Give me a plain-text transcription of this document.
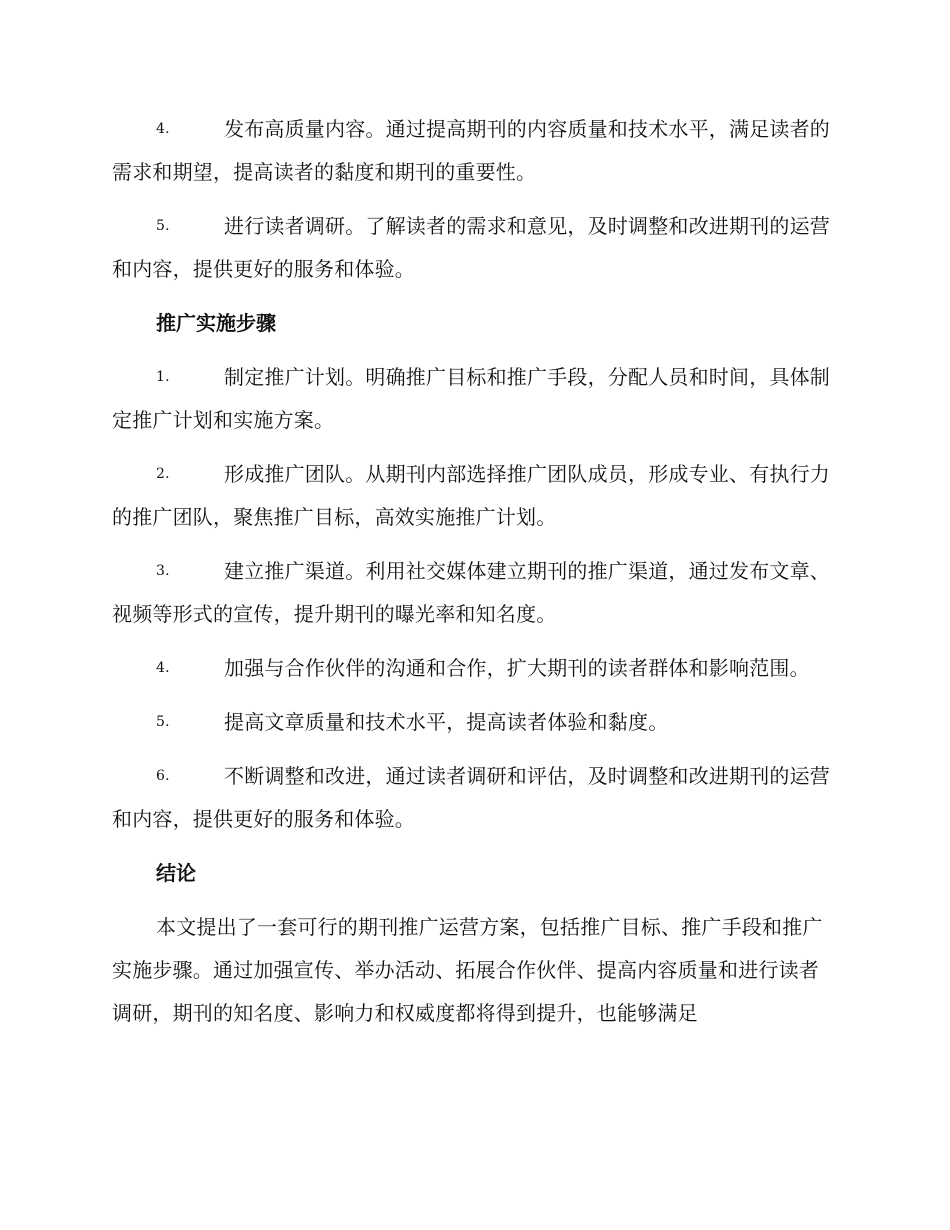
4.	发布高质量内容。通过提高期刊的内容质量和技术水平，满足读者的需求和期望，提高读者的黏度和期刊的重要性。

5.	进行读者调研。了解读者的需求和意见，及时调整和改进期刊的运营和内容，提供更好的服务和体验。

推广实施步骤

1.	制定推广计划。明确推广目标和推广手段，分配人员和时间，具体制定推广计划和实施方案。

2.	形成推广团队。从期刊内部选择推广团队成员，形成专业、有执行力的推广团队，聚焦推广目标，高效实施推广计划。

3.	建立推广渠道。利用社交媒体建立期刊的推广渠道，通过发布文章、视频等形式的宣传，提升期刊的曝光率和知名度。

4.	加强与合作伙伴的沟通和合作，扩大期刊的读者群体和影响范围。

5.	提高文章质量和技术水平，提高读者体验和黏度。

6.	不断调整和改进，通过读者调研和评估，及时调整和改进期刊的运营和内容，提供更好的服务和体验。

结论

本文提出了一套可行的期刊推广运营方案，包括推广目标、推广手段和推广实施步骤。通过加强宣传、举办活动、拓展合作伙伴、提高内容质量和进行读者调研，期刊的知名度、影响力和权威度都将得到提升，也能够满足
